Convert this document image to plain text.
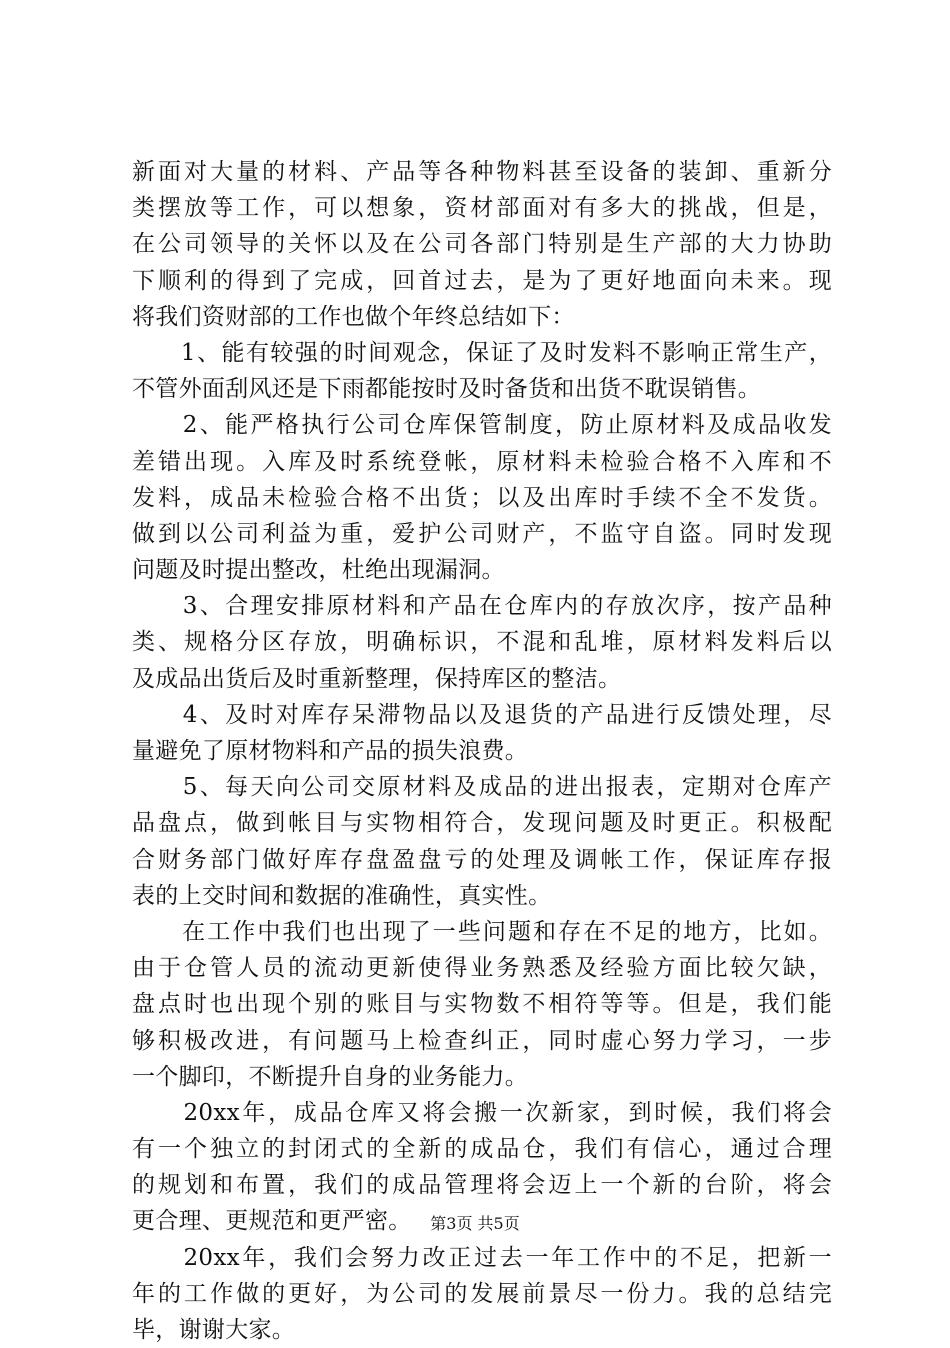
新面对大量的材料、产品等各种物料甚至设备的装卸、重新分
类摆放等工作，可以想象，资材部面对有多大的挑战，但是，
在公司领导的关怀以及在公司各部门特别是生产部的大力协助
下顺利的得到了完成，回首过去，是为了更好地面向未来。现
将我们资财部的工作也做个年终总结如下：
　　1、能有较强的时间观念，保证了及时发料不影响正常生产，
不管外面刮风还是下雨都能按时及时备货和出货不耽误销售。
　　2、能严格执行公司仓库保管制度，防止原材料及成品收发
差错出现。入库及时系统登帐，原材料未检验合格不入库和不
发料，成品未检验合格不出货；以及出库时手续不全不发货。
做到以公司利益为重，爱护公司财产，不监守自盗。同时发现
问题及时提出整改，杜绝出现漏洞。
　　3、合理安排原材料和产品在仓库内的存放次序，按产品种
类、规格分区存放，明确标识，不混和乱堆，原材料发料后以
及成品出货后及时重新整理，保持库区的整洁。
　　4、及时对库存呆滞物品以及退货的产品进行反馈处理，尽
量避免了原材物料和产品的损失浪费。
　　5、每天向公司交原材料及成品的进出报表，定期对仓库产
品盘点，做到帐目与实物相符合，发现问题及时更正。积极配
合财务部门做好库存盘盈盘亏的处理及调帐工作，保证库存报
表的上交时间和数据的准确性，真实性。
　　在工作中我们也出现了一些问题和存在不足的地方，比如。
由于仓管人员的流动更新使得业务熟悉及经验方面比较欠缺，
盘点时也出现个别的账目与实物数不相符等等。但是，我们能
够积极改进，有问题马上检查纠正，同时虚心努力学习，一步
一个脚印，不断提升自身的业务能力。
　　20xx年，成品仓库又将会搬一次新家，到时候，我们将会
有一个独立的封闭式的全新的成品仓，我们有信心，通过合理
的规划和布置，我们的成品管理将会迈上一个新的台阶，将会
更合理、更规范和更严密。
　　20xx年，我们会努力改正过去一年工作中的不足，把新一
年的工作做的更好，为公司的发展前景尽一份力。我的总结完
毕，谢谢大家。
第3页 共5页
